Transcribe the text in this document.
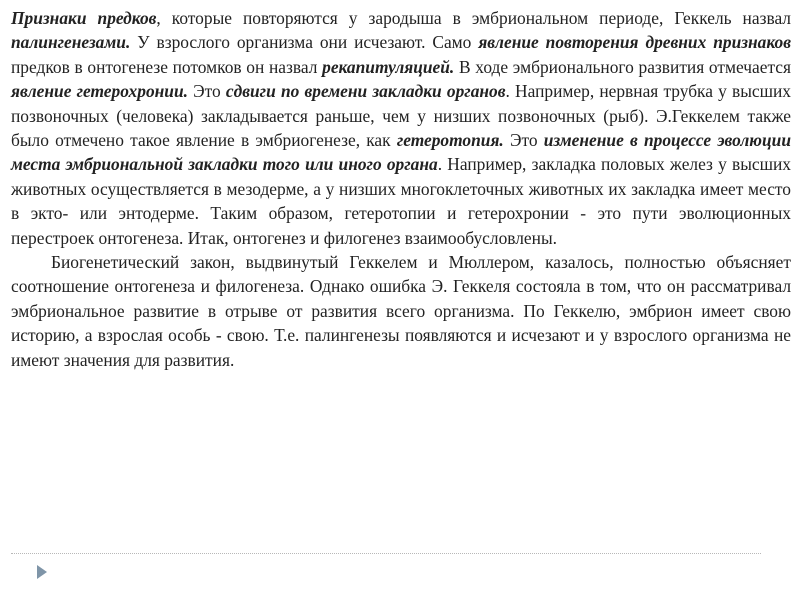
Признаки предков, которые повторяются у зародыша в эмбриональном периоде, Геккель назвал палингенезами. У взрослого организма они исчезают. Само явление повторения древних признаков предков в онтогенезе потомков он назвал рекапитуляцией. В ходе эмбрионального развития отмечается явление гетерохронии. Это сдвиги по времени закладки органов. Например, нервная трубка у высших позвоночных (человека) закладывается раньше, чем у низших позвоночных (рыб). Э.Геккелем также было отмечено такое явление в эмбриогенезе, как гетеротопия. Это изменение в процессе эволюции места эмбриональной закладки того или иного органа. Например, закладка половых желез у высших животных осуществляется в мезодерме, а у низших многоклеточных животных их закладка имеет место в экто- или энтодерме. Таким образом, гетеротопии и гетерохронии - это пути эволюционных перестроек онтогенеза. Итак, онтогенез и филогенез взаимообусловлены.

Биогенетический закон, выдвинутый Геккелем и Мюллером, казалось, полностью объясняет соотношение онтогенеза и филогенеза. Однако ошибка Э. Геккеля состояла в том, что он рассматривал эмбриональное развитие в отрыве от развития всего организма. По Геккелю, эмбрион имеет свою историю, а взрослая особь - свою. Т.е. палингенезы появляются и исчезают и у взрослого организма не имеют значения для развития.
